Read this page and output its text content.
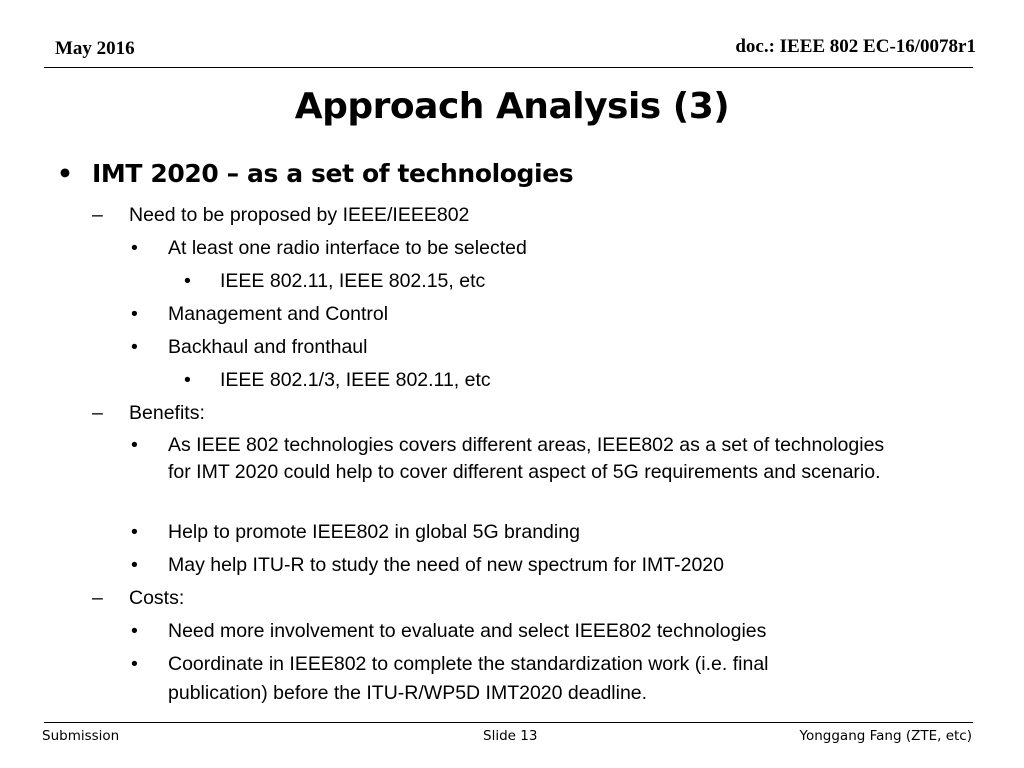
May 2016	doc.: IEEE 802 EC-16/0078r1
Approach Analysis (3)
• IMT 2020 – as a set of technologies
– Need to be proposed by IEEE/IEEE802
• At least one radio interface to be selected
• IEEE 802.11, IEEE 802.15, etc
• Management and Control
• Backhaul and fronthaul
• IEEE 802.1/3, IEEE 802.11, etc
– Benefits:
• As IEEE 802 technologies covers different areas, IEEE802 as a set of technologies for IMT 2020 could help to cover different aspect of 5G requirements and scenario.
• Help to promote IEEE802 in global 5G branding
• May help ITU-R to study the need of new spectrum for IMT-2020
– Costs:
• Need more involvement to evaluate and select IEEE802 technologies
• Coordinate in IEEE802 to complete the standardization work (i.e. final
publication) before the ITU-R/WP5D IMT2020 deadline.
Submission	Slide 13	Yonggang Fang (ZTE, etc)
